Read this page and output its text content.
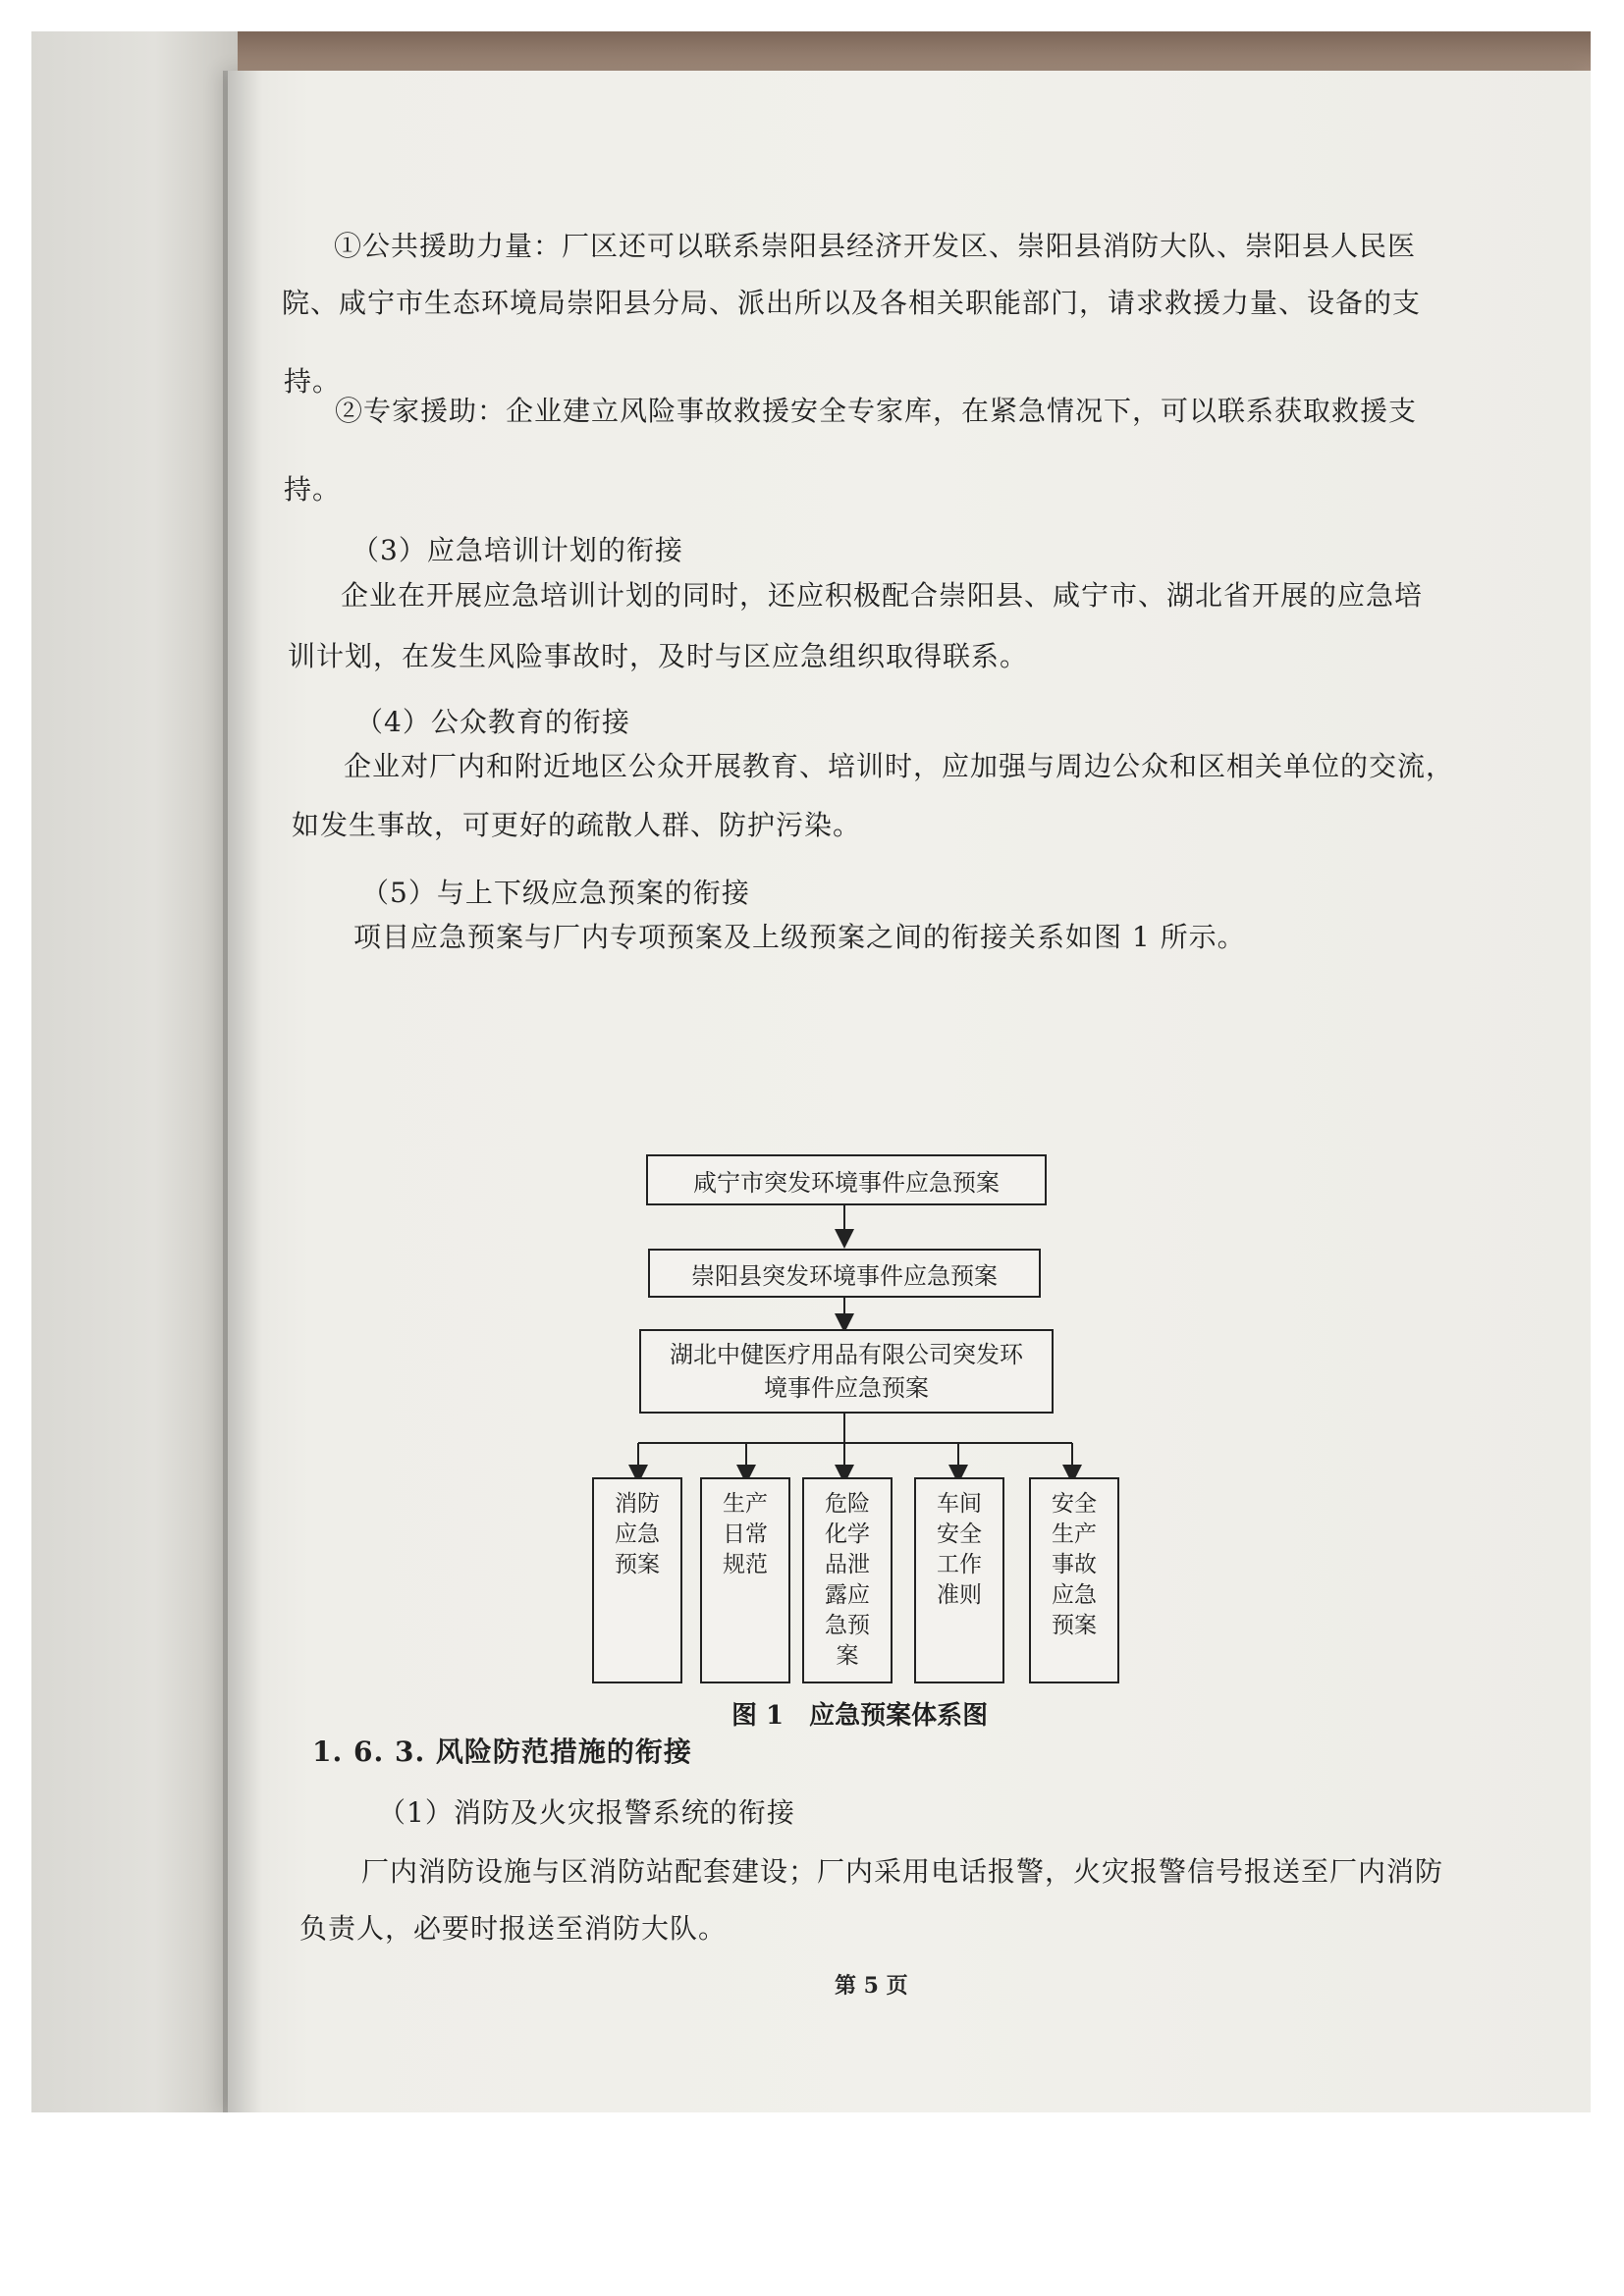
①公共援助力量：厂区还可以联系崇阳县经济开发区、崇阳县消防大队、崇阳县人民医
院、咸宁市生态环境局崇阳县分局、派出所以及各相关职能部门，请求救援力量、设备的支
持。
②专家援助：企业建立风险事故救援安全专家库，在紧急情况下，可以联系获取救援支
持。
（3）应急培训计划的衔接
企业在开展应急培训计划的同时，还应积极配合崇阳县、咸宁市、湖北省开展的应急培
训计划，在发生风险事故时，及时与区应急组织取得联系。
（4）公众教育的衔接
企业对厂内和附近地区公众开展教育、培训时，应加强与周边公众和区相关单位的交流，
如发生事故，可更好的疏散人群、防护污染。
（5）与上下级应急预案的衔接
项目应急预案与厂内专项预案及上级预案之间的衔接关系如图 1 所示。
咸宁市突发环境事件应急预案
崇阳县突发环境事件应急预案
湖北中健医疗用品有限公司突发环
境事件应急预案
消防
应急
预案
生产
日常
规范
危险
化学
品泄
露应
急预
案
车间
安全
工作
准则
安全
生产
事故
应急
预案
图 1　应急预案体系图
1. 6. 3. 风险防范措施的衔接
（1）消防及火灾报警系统的衔接
厂内消防设施与区消防站配套建设；厂内采用电话报警，火灾报警信号报送至厂内消防
负责人，必要时报送至消防大队。
第 5 页
